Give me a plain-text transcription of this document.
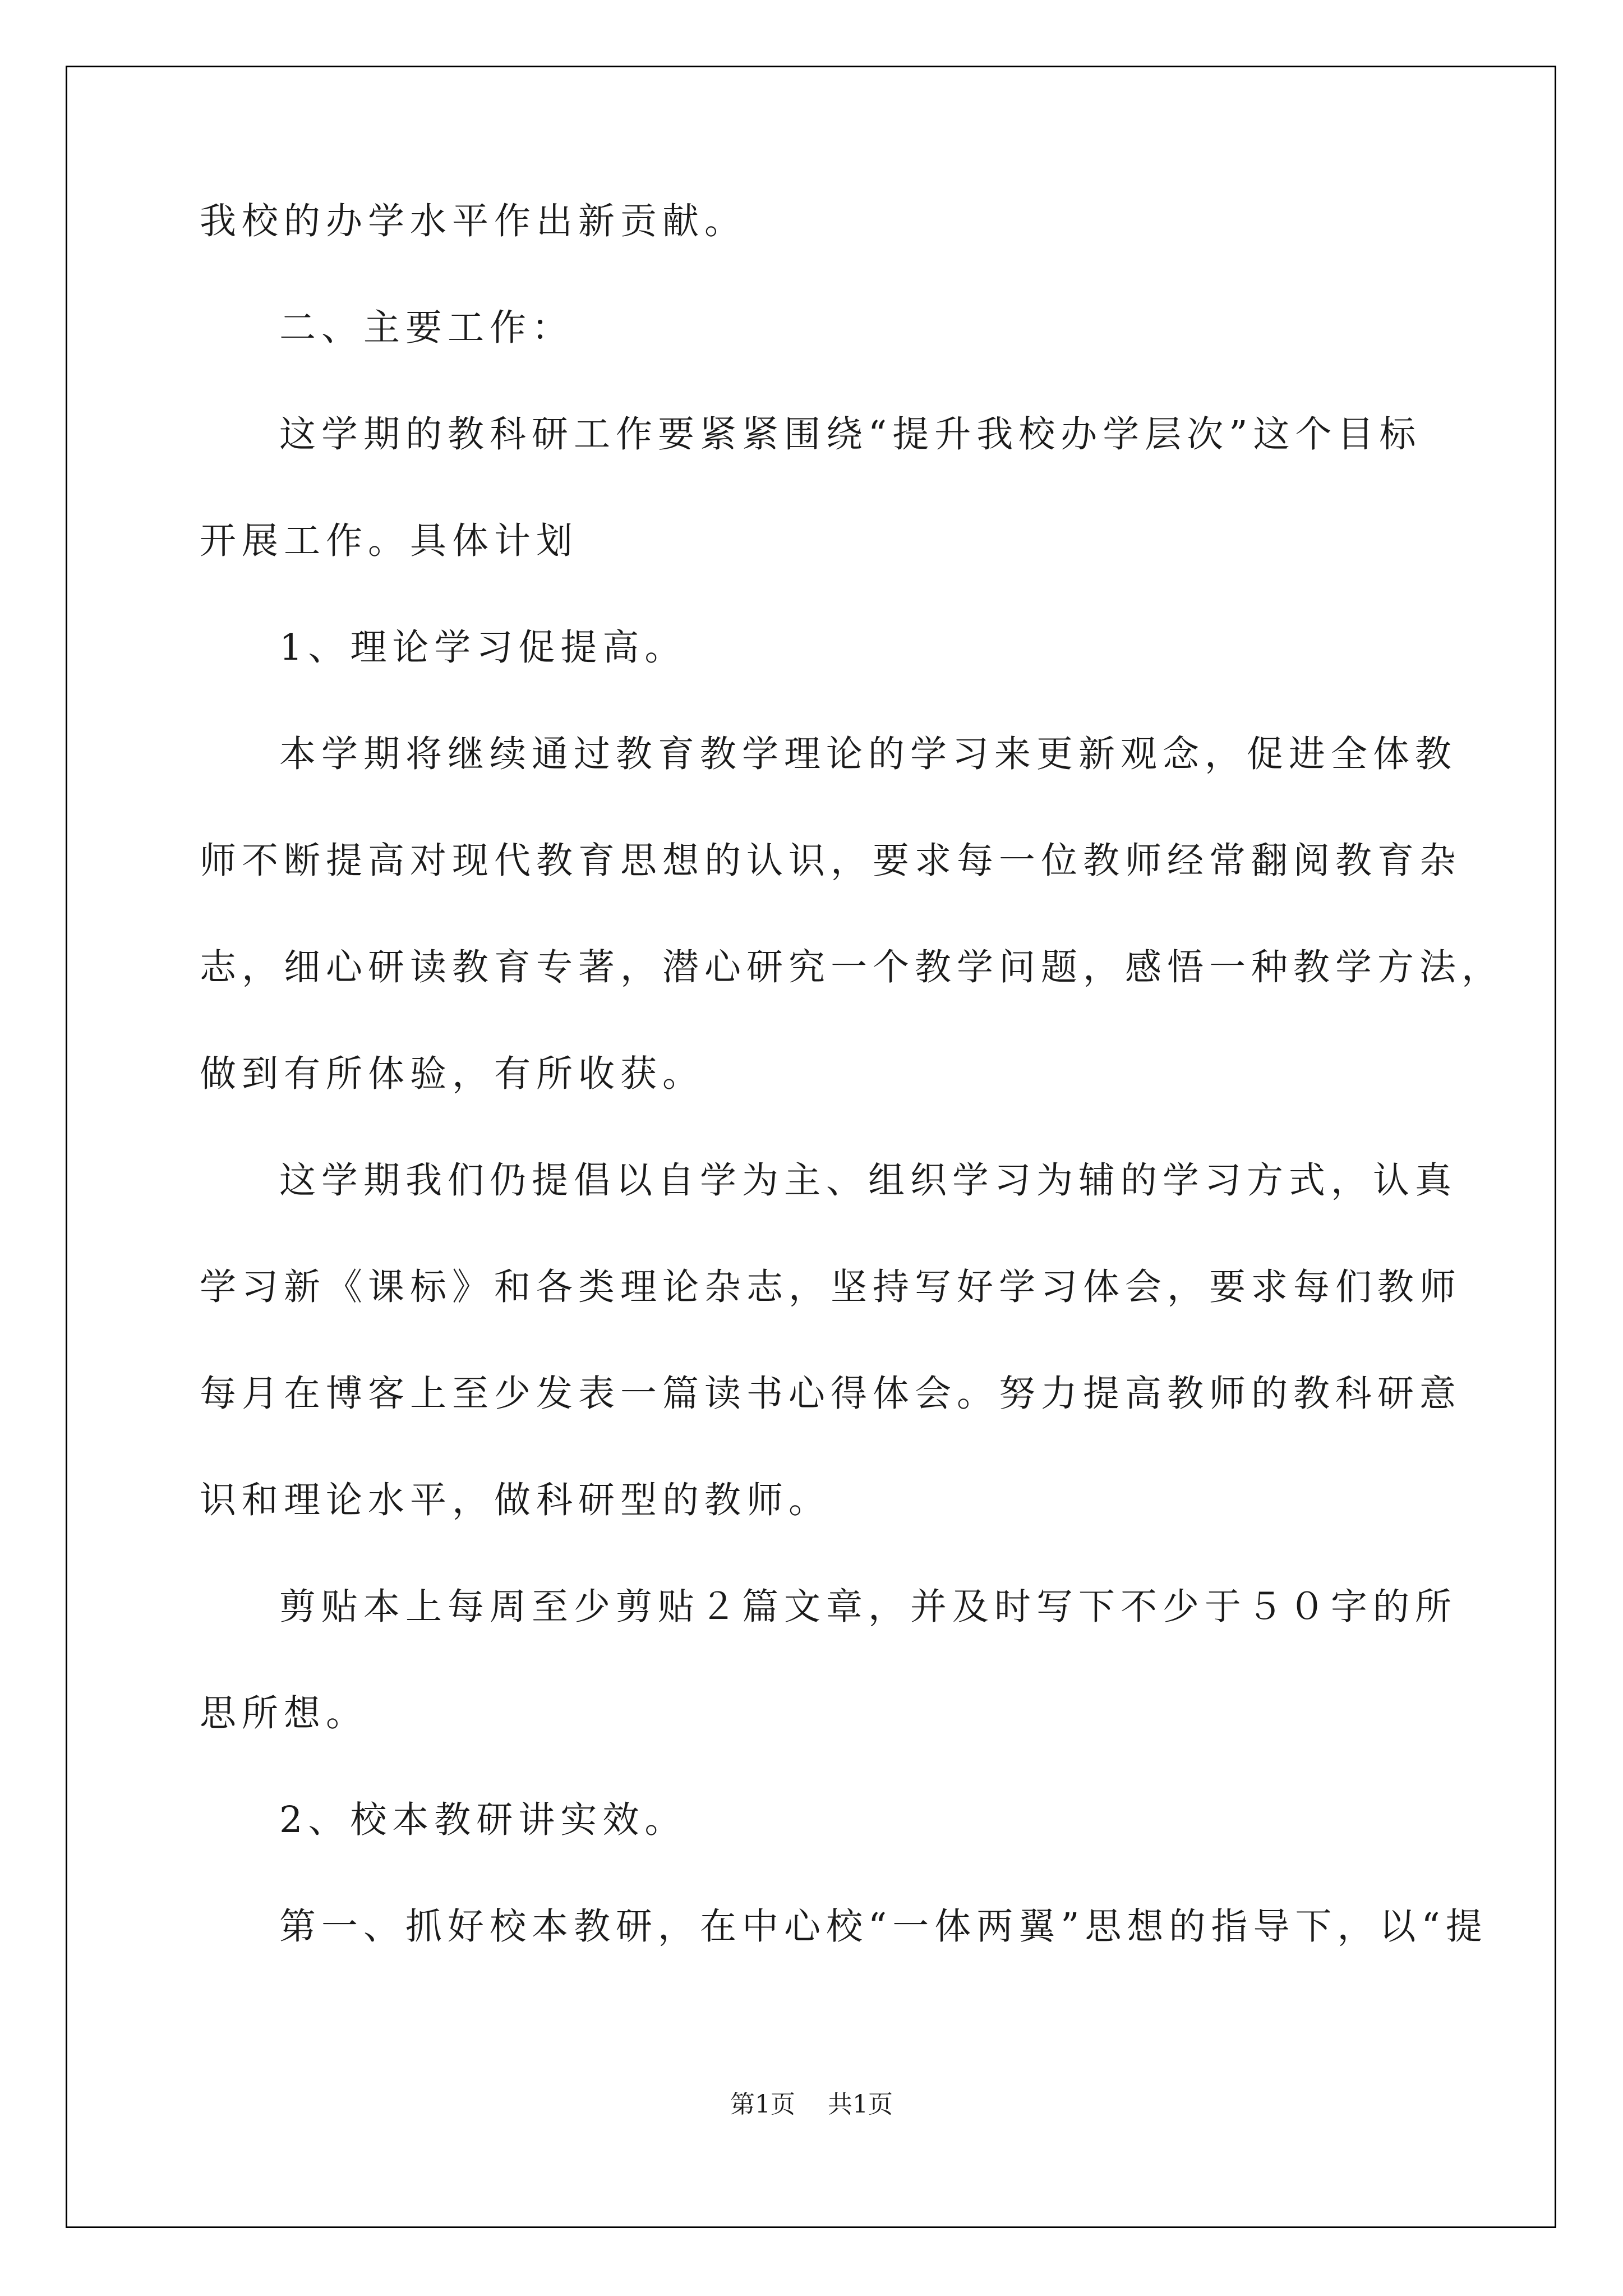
我校的办学水平作出新贡献。
二、主要工作：
这学期的教科研工作要紧紧围绕“提升我校办学层次”这个目标
开展工作。具体计划
1、理论学习促提高。
本学期将继续通过教育教学理论的学习来更新观念，促进全体教
师不断提高对现代教育思想的认识，要求每一位教师经常翻阅教育杂
志，细心研读教育专著，潜心研究一个教学问题，感悟一种教学方法，
做到有所体验，有所收获。
这学期我们仍提倡以自学为主、组织学习为辅的学习方式，认真
学习新《课标》和各类理论杂志，坚持写好学习体会，要求每们教师
每月在博客上至少发表一篇读书心得体会。努力提高教师的教科研意
识和理论水平，做科研型的教师。
剪贴本上每周至少剪贴２篇文章，并及时写下不少于５０字的所
思所想。
2、校本教研讲实效。
第一、抓好校本教研，在中心校“一体两翼”思想的指导下，以“提
第1页 共1页
